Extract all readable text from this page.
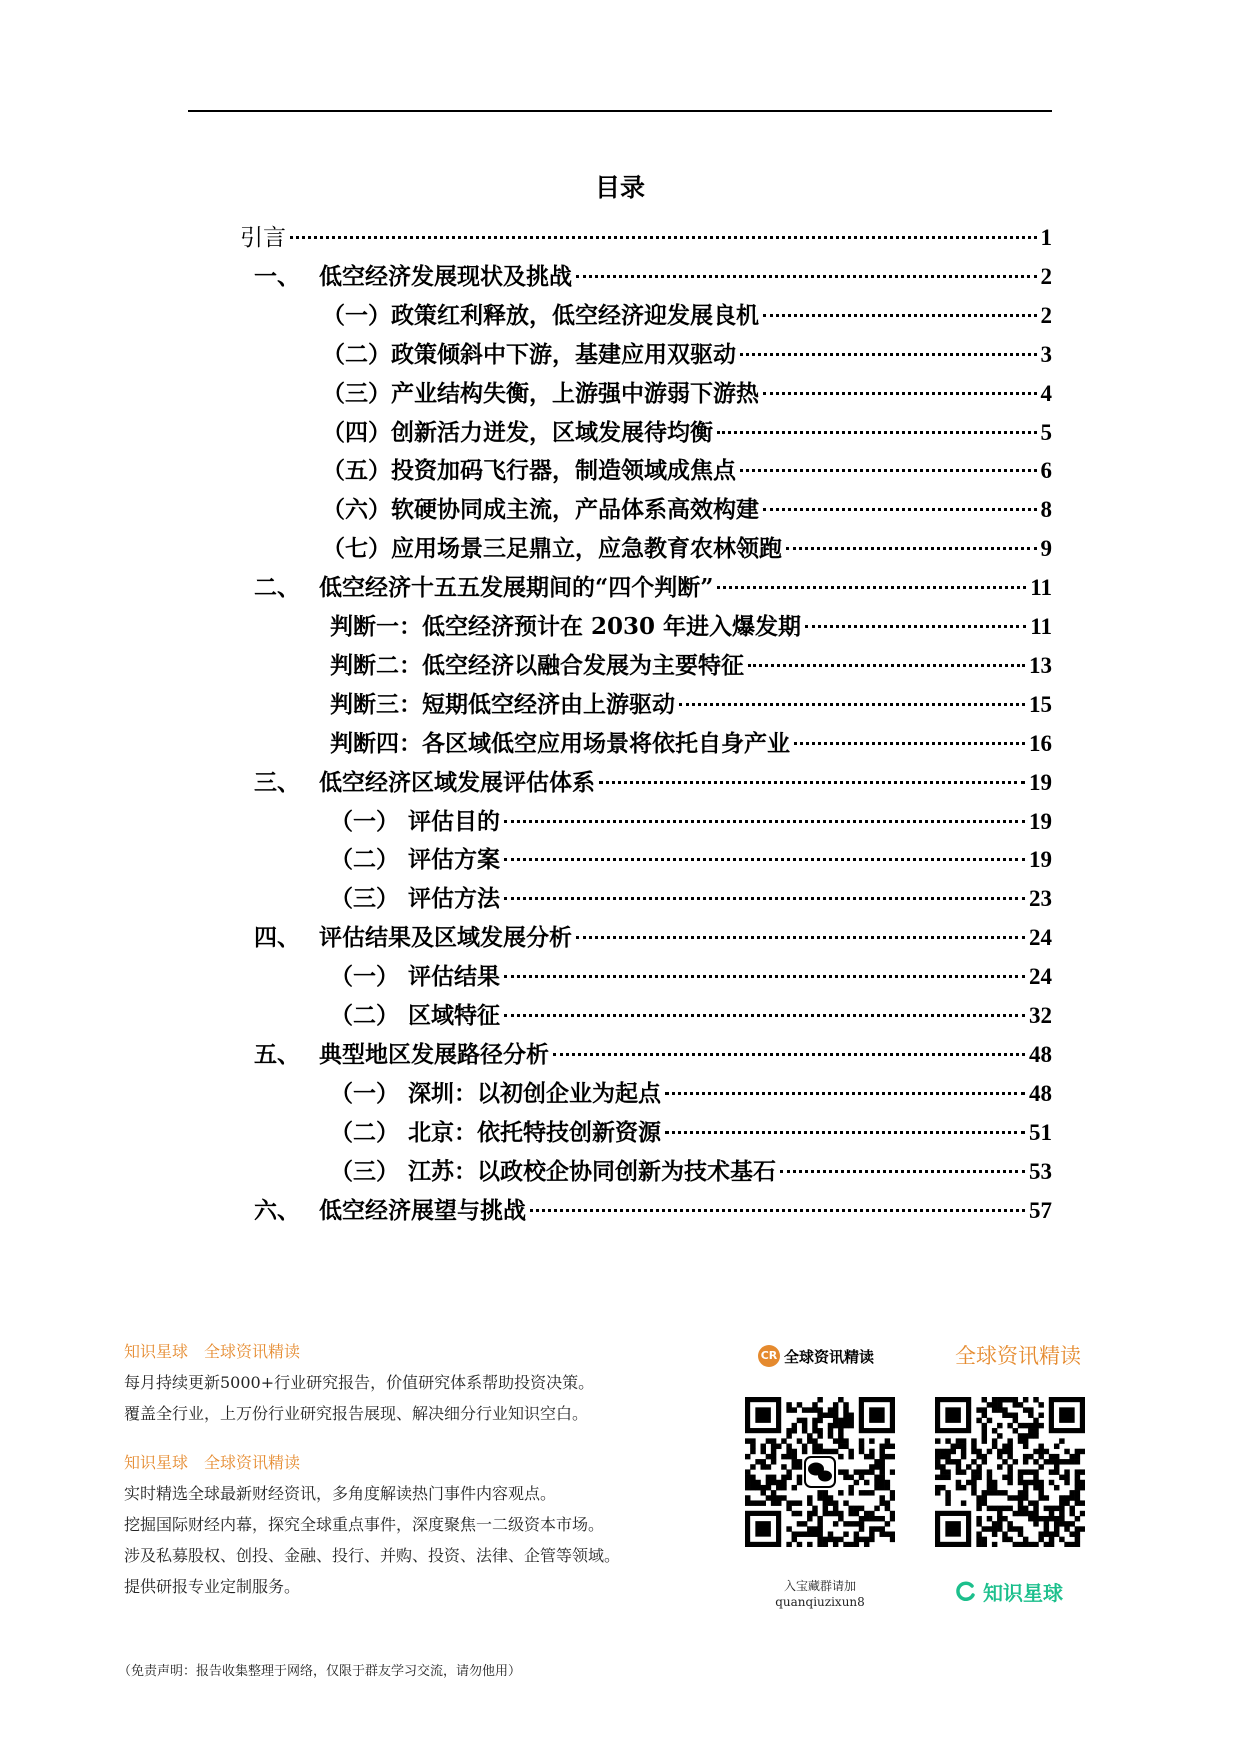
目录
引言	1
一、 低空经济发展现状及挑战	2
（一）政策红利释放，低空经济迎发展良机	2
（二）政策倾斜中下游，基建应用双驱动	3
（三）产业结构失衡，上游强中游弱下游热	4
（四）创新活力迸发，区域发展待均衡	5
（五）投资加码飞行器，制造领域成焦点	6
（六）软硬协同成主流，产品体系高效构建	8
（七）应用场景三足鼎立，应急教育农林领跑	9
二、 低空经济十五五发展期间的“四个判断”	11
判断一：低空经济预计在 2030 年进入爆发期	11
判断二：低空经济以融合发展为主要特征	13
判断三：短期低空经济由上游驱动	15
判断四：各区域低空应用场景将依托自身产业	16
三、 低空经济区域发展评估体系	19
（一） 评估目的	19
（二） 评估方案	19
（三） 评估方法	23
四、 评估结果及区域发展分析	24
（一） 评估结果	24
（二） 区域特征	32
五、 典型地区发展路径分析	48
（一） 深圳：以初创企业为起点	48
（二） 北京：依托特技创新资源	51
（三） 江苏：以政校企协同创新为技术基石	53
六、 低空经济展望与挑战	57
知识星球　全球资讯精读
每月持续更新5000+行业研究报告，价值研究体系帮助投资决策。
覆盖全行业，上万份行业研究报告展现、解决细分行业知识空白。
知识星球　全球资讯精读
实时精选全球最新财经资讯，多角度解读热门事件内容观点。
挖掘国际财经内幕，探究全球重点事件，深度聚焦一二级资本市场。
涉及私募股权、创投、金融、投行、并购、投资、法律、企管等领域。
提供研报专业定制服务。
CR 全球资讯精读	全球资讯精读
入宝藏群请加
quanqiuzixun8	知识星球
（免责声明：报告收集整理于网络，仅限于群友学习交流，请勿他用）
